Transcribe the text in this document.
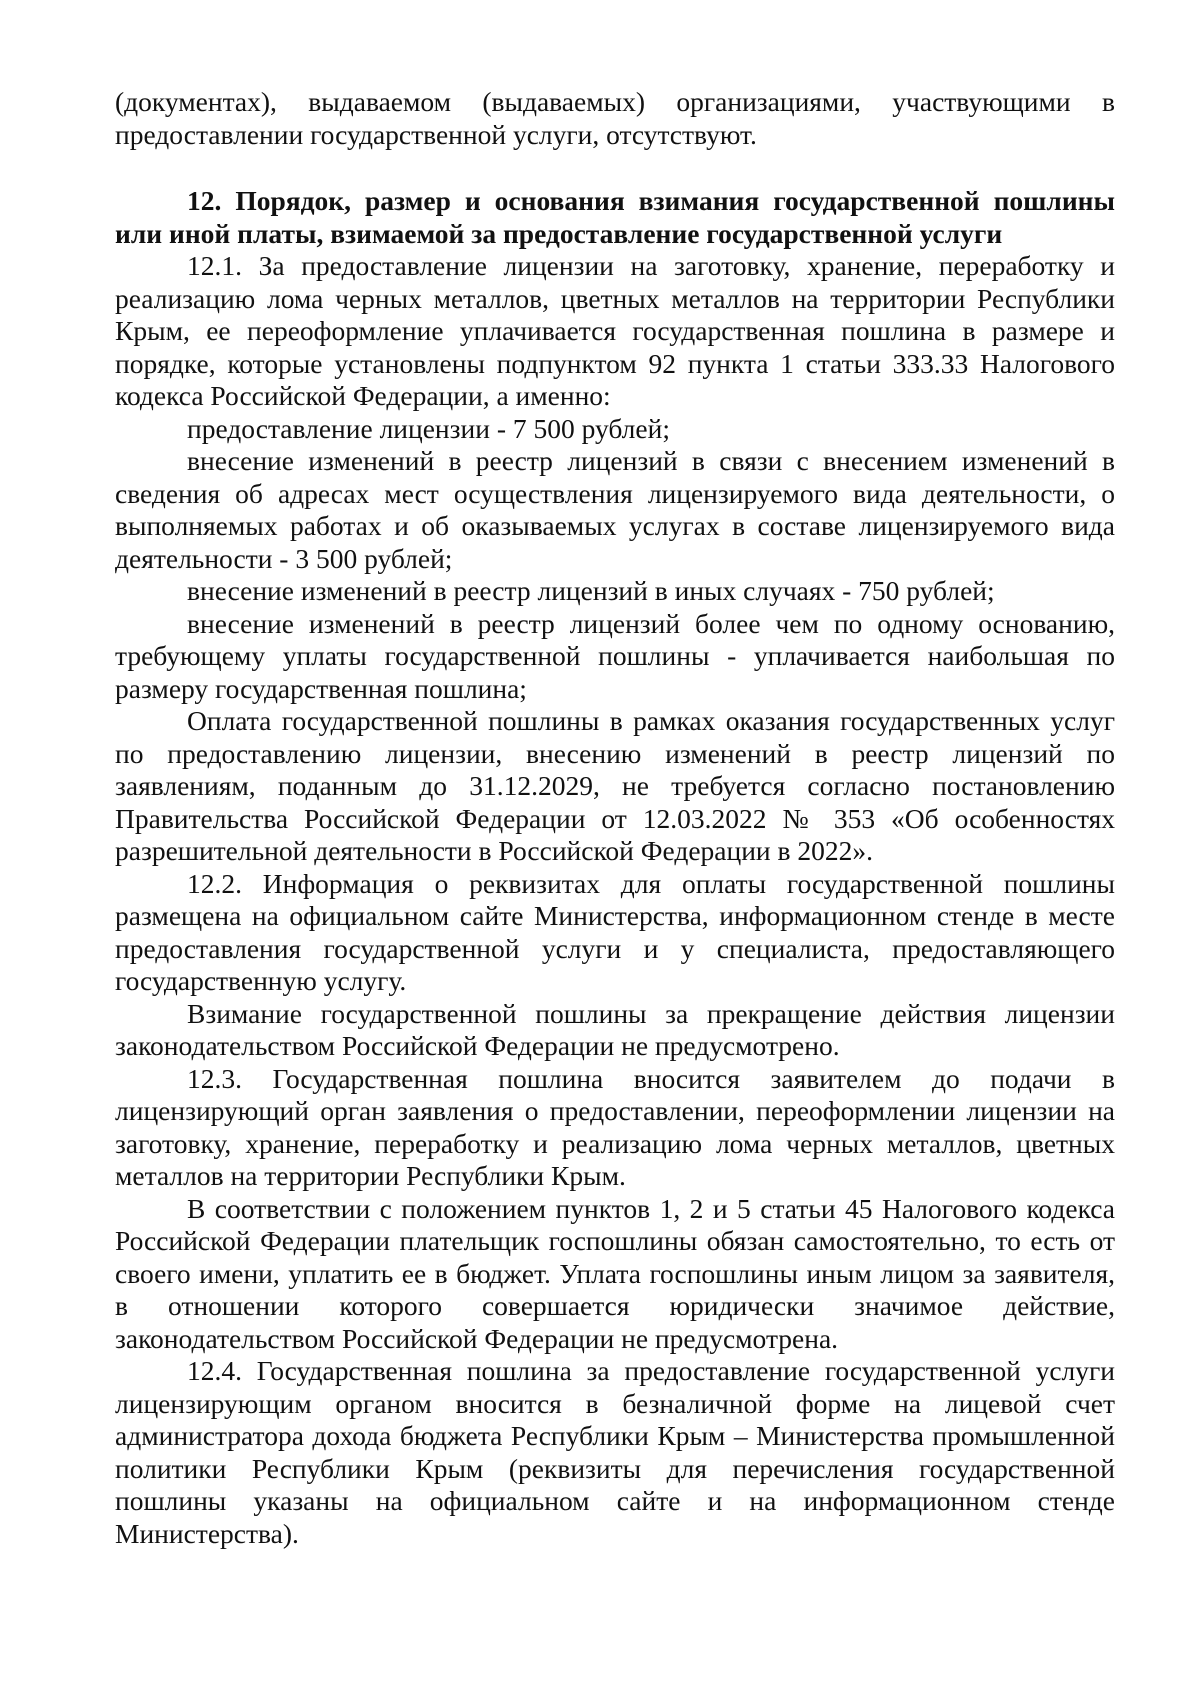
(документах), выдаваемом (выдаваемых) организациями, участвующими в предоставлении государственной услуги, отсутствуют.

12. Порядок, размер и основания взимания государственной пошлины или иной платы, взимаемой за предоставление государственной услуги

12.1. За предоставление лицензии на заготовку, хранение, переработку и реализацию лома черных металлов, цветных металлов на территории Республики Крым, ее переоформление уплачивается государственная пошлина в размере и порядке, которые установлены подпунктом 92 пункта 1 статьи 333.33 Налогового кодекса Российской Федерации, а именно:

предоставление лицензии - 7 500 рублей;

внесение изменений в реестр лицензий в связи с внесением изменений в сведения об адресах мест осуществления лицензируемого вида деятельности, о выполняемых работах и об оказываемых услугах в составе лицензируемого вида деятельности - 3 500 рублей;

внесение изменений в реестр лицензий в иных случаях - 750 рублей;

внесение изменений в реестр лицензий более чем по одному основанию, требующему уплаты государственной пошлины - уплачивается наибольшая по размеру государственная пошлина;

Оплата государственной пошлины в рамках оказания государственных услуг по предоставлению лицензии, внесению изменений в реестр лицензий по заявлениям, поданным до 31.12.2029, не требуется согласно постановлению Правительства Российской Федерации от 12.03.2022 № 353 «Об особенностях разрешительной деятельности в Российской Федерации в 2022».

12.2. Информация о реквизитах для оплаты государственной пошлины размещена на официальном сайте Министерства, информационном стенде в месте предоставления государственной услуги и у специалиста, предоставляющего государственную услугу.

Взимание государственной пошлины за прекращение действия лицензии законодательством Российской Федерации не предусмотрено.

12.3. Государственная пошлина вносится заявителем до подачи в лицензирующий орган заявления о предоставлении, переоформлении лицензии на заготовку, хранение, переработку и реализацию лома черных металлов, цветных металлов на территории Республики Крым.

В соответствии с положением пунктов 1, 2 и 5 статьи 45 Налогового кодекса Российской Федерации плательщик госпошлины обязан самостоятельно, то есть от своего имени, уплатить ее в бюджет. Уплата госпошлины иным лицом за заявителя, в отношении которого совершается юридически значимое действие, законодательством Российской Федерации не предусмотрена.

12.4. Государственная пошлина за предоставление государственной услуги лицензирующим органом вносится в безналичной форме на лицевой счет администратора дохода бюджета Республики Крым – Министерства промышленной политики Республики Крым (реквизиты для перечисления государственной пошлины указаны на официальном сайте и на информационном стенде Министерства).
